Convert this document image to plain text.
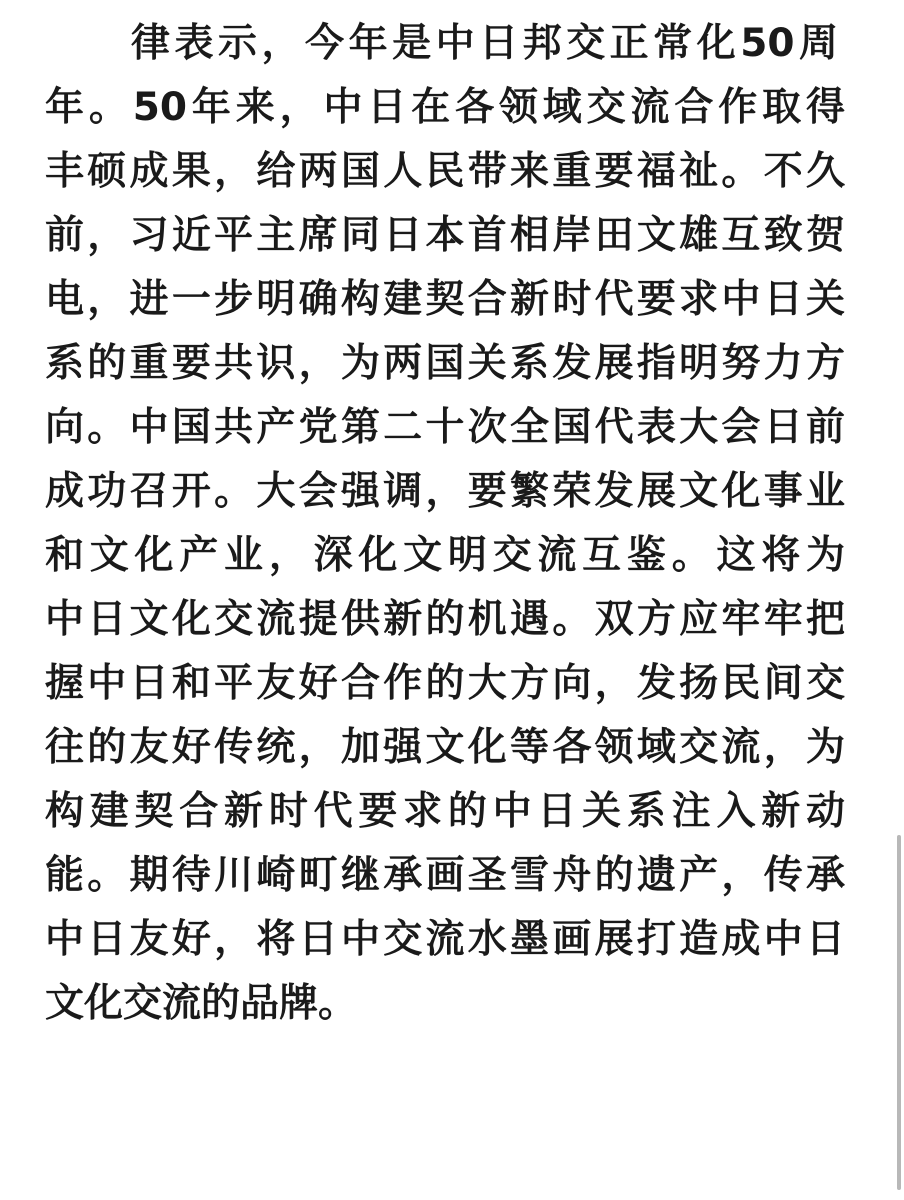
律表示，今年是中日邦交正常化50周
年。50年来，中日在各领域交流合作取得
丰硕成果，给两国人民带来重要福祉。不久
前，习近平主席同日本首相岸田文雄互致贺
电，进一步明确构建契合新时代要求中日关
系的重要共识，为两国关系发展指明努力方
向。中国共产党第二十次全国代表大会日前
成功召开。大会强调，要繁荣发展文化事业
和文化产业，深化文明交流互鉴。这将为
中日文化交流提供新的机遇。双方应牢牢把
握中日和平友好合作的大方向，发扬民间交
往的友好传统，加强文化等各领域交流，为
构建契合新时代要求的中日关系注入新动
能。期待川崎町继承画圣雪舟的遗产，传承
中日友好，将日中交流水墨画展打造成中日
文化交流的品牌。
